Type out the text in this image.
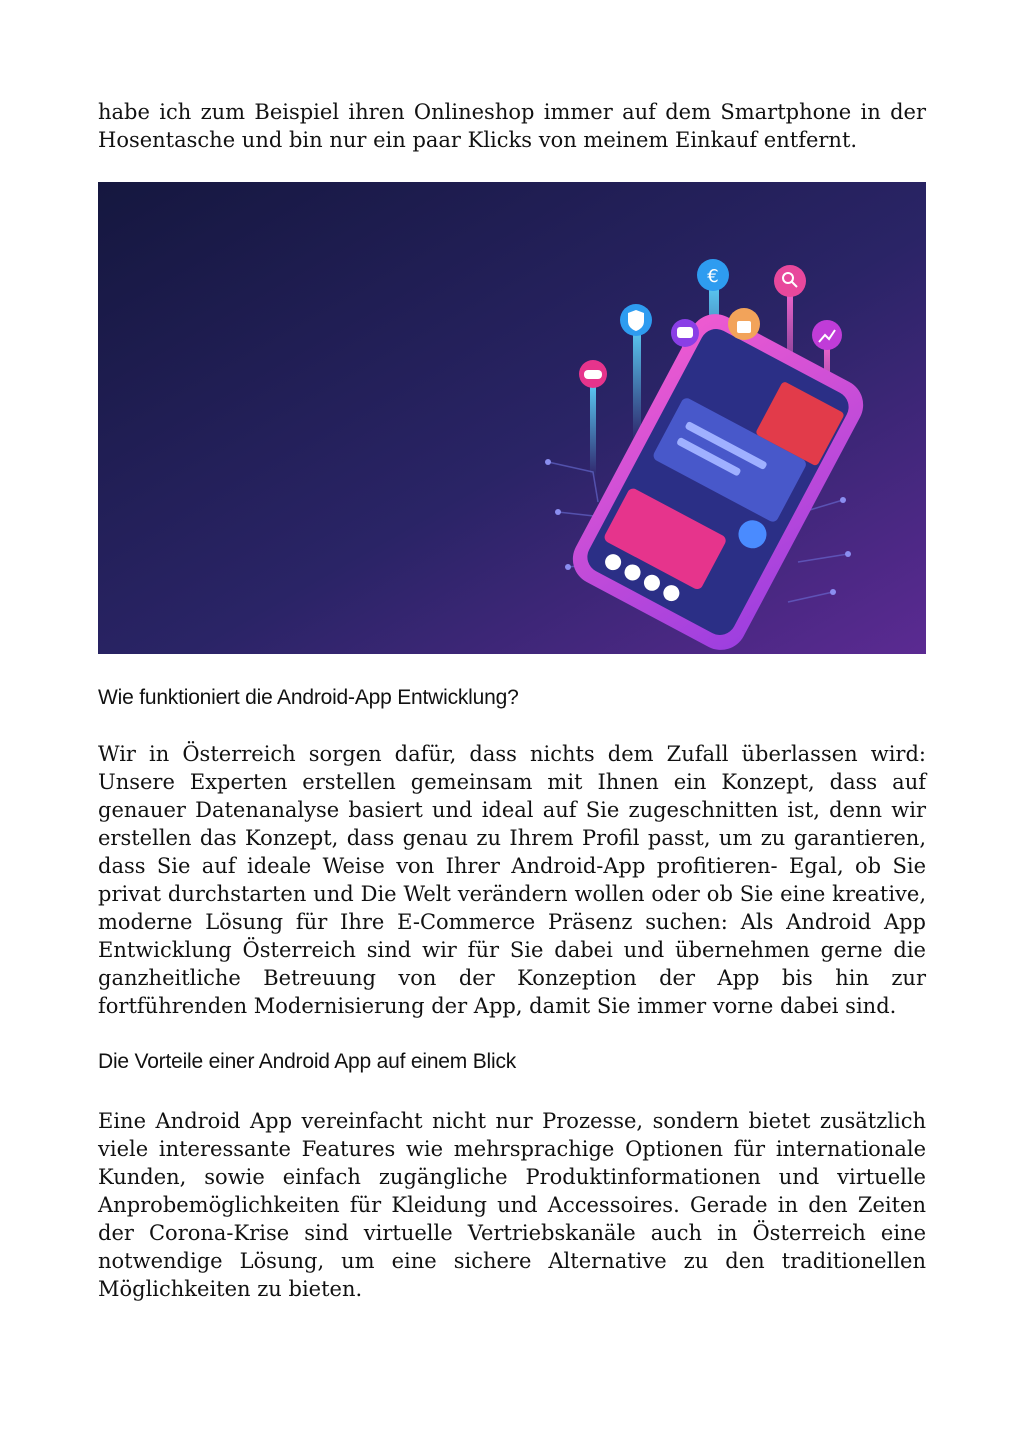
habe ich zum Beispiel ihren Onlineshop immer auf dem Smartphone in der Hosentasche und bin nur ein paar Klicks von meinem Einkauf entfernt.

€
Wie funktioniert die Android-App Entwicklung?

Wir in Österreich sorgen dafür, dass nichts dem Zufall überlassen wird: Unsere Experten erstellen gemeinsam mit Ihnen ein Konzept, dass auf genauer Datenanalyse basiert und ideal auf Sie zugeschnitten ist, denn wir erstellen das Konzept, dass genau zu Ihrem Profil passt, um zu garantieren, dass Sie auf ideale Weise von Ihrer Android-App profitieren- Egal, ob Sie privat durchstarten und Die Welt verändern wollen oder ob Sie eine kreative, moderne Lösung für Ihre E-Commerce Präsenz suchen: Als Android App Entwicklung Österreich sind wir für Sie dabei und übernehmen gerne die ganzheitliche Betreuung von der Konzeption der App bis hin zur fortführenden Modernisierung der App, damit Sie immer vorne dabei sind.

Die Vorteile einer Android App auf einem Blick

Eine Android App vereinfacht nicht nur Prozesse, sondern bietet zusätzlich viele interessante Features wie mehrsprachige Optionen für internationale Kunden, sowie einfach zugängliche Produktinformationen und virtuelle Anprobemöglichkeiten für Kleidung und Accessoires. Gerade in den Zeiten der Corona-Krise sind virtuelle Vertriebskanäle auch in Österreich eine notwendige Lösung, um eine sichere Alternative zu den traditionellen Möglichkeiten zu bieten.
